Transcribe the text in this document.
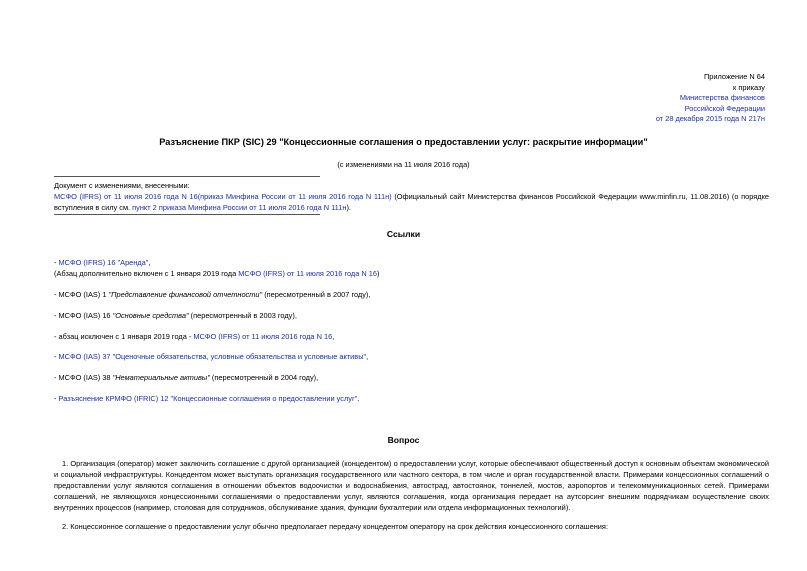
Приложение N 64
к приказу
Министерства финансов
Российской Федерации
от 28 декабря 2015 года N 217н
Разъяснение ПКР (SIC) 29 "Концессионные соглашения о предоставлении услуг: раскрытие информации"
(с изменениями на 11 июля 2016 года)
Документ с изменениями, внесенными:
МСФО (IFRS) от 11 июля 2016 года N 16(приказ Минфина России от 11 июля 2016 года N 111н) (Официальный сайт Министерства финансов Российской Федерации www.minfin.ru, 11.08.2016) (о порядке вступления в силу см. пункт 2 приказа Минфина России от 11 июля 2016 года N 111н).
Ссылки
- МСФО (IFRS) 16 "Аренда",
(Абзац дополнительно включен с 1 января 2019 года МСФО (IFRS) от 11 июля 2016 года N 16)
- МСФО (IAS) 1 "Представление финансовой отчетности" (пересмотренный в 2007 году),
- МСФО (IAS) 16 "Основные средства" (пересмотренный в 2003 году),
- абзац исключен с 1 января 2019 года - МСФО (IFRS) от 11 июля 2016 года N 16,
- МСФО (IAS) 37 "Оценочные обязательства, условные обязательства и условные активы",
- МСФО (IAS) 38 "Нематериальные активы" (пересмотренный в 2004 году),
- Разъяснение КРМФО (IFRIC) 12 "Концессионные соглашения о предоставлении услуг".
Вопрос

1. Организация (оператор) может заключить соглашение с другой организацией (концедентом) о предоставлении услуг, которые обеспечивают общественный доступ к основным объектам экономической и социальной инфраструктуры. Концедентом может выступать организация государственного или частного сектора, в том числе и орган государственной власти. Примерами концессионных соглашений о предоставлении услуг являются соглашения в отношении объектов водоочистки и водоснабжения, автострад, автостоянок, тоннелей, мостов, аэропортов и телекоммуникационных сетей. Примерами соглашений, не являющихся концессионными соглашениями о предоставлении услуг, являются соглашения, когда организация передает на аутсорсинг внешним подрядчикам осуществление своих внутренних процессов (например, столовая для сотрудников, обслуживание здания, функции бухгалтерии или отдела информационных технологий).

2. Концессионное соглашение о предоставлении услуг обычно предполагает передачу концедентом оператору на срок действия концессионного соглашения:
